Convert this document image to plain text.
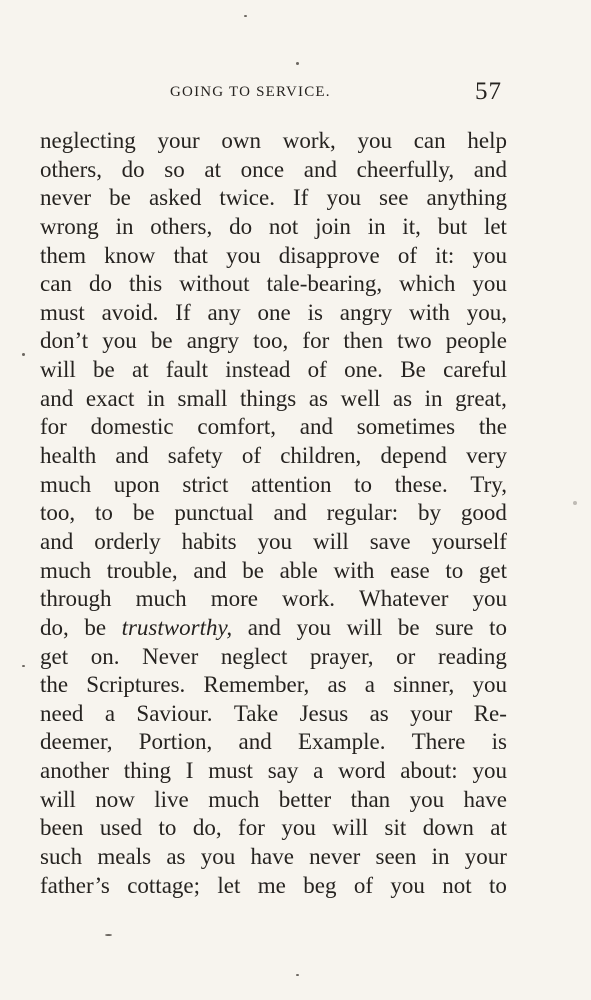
GOING TO SERVICE.	57
neglecting your own work, you can help
others, do so at once and cheerfully, and
never be asked twice. If you see anything
wrong in others, do not join in it, but let
them know that you disapprove of it: you
can do this without tale-bearing, which you
must avoid. If any one is angry with you,
don’t you be angry too, for then two people
will be at fault instead of one. Be careful
and exact in small things as well as in great,
for domestic comfort, and sometimes the
health and safety of children, depend very
much upon strict attention to these. Try,
too, to be punctual and regular: by good
and orderly habits you will save yourself
much trouble, and be able with ease to get
through much more work. Whatever you
do, be trustworthy, and you will be sure to
get on. Never neglect prayer, or reading
the Scriptures. Remember, as a sinner, you
need a Saviour. Take Jesus as your Re-
deemer, Portion, and Example. There is
another thing I must say a word about: you
will now live much better than you have
been used to do, for you will sit down at
such meals as you have never seen in your
father’s cottage; let me beg of you not to
